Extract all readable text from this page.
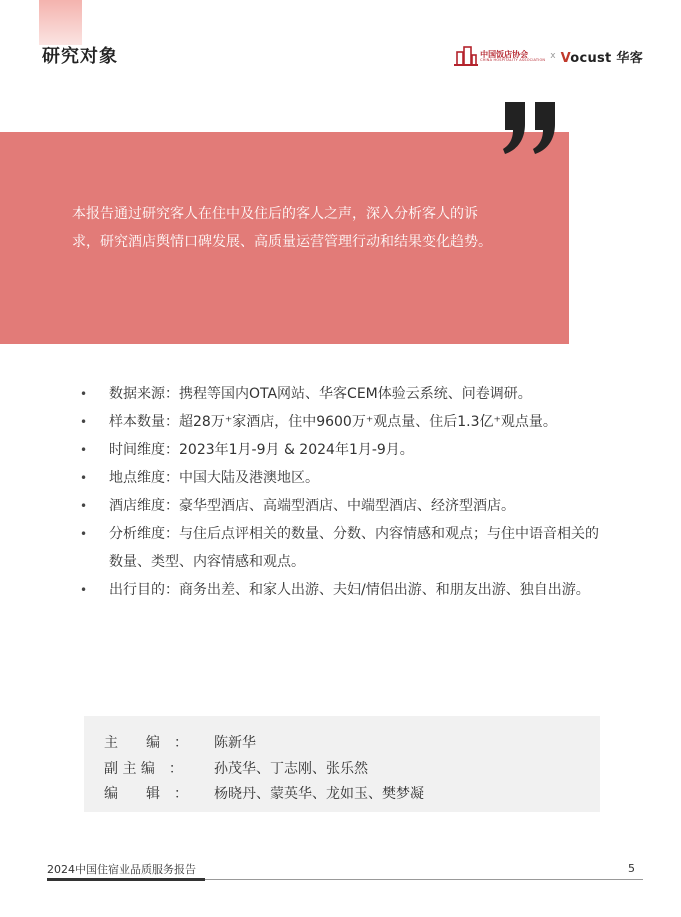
研究对象	中国饭店协会
CHINA HOSPITALITY ASSOCIATION x Vocust 华客
本报告通过研究客人在住中及住后的客人之声，深入分析客人的诉求，研究酒店舆情口碑发展、高质量运营管理行动和结果变化趋势。
• 数据来源：携程等国内OTA网站、华客CEM体验云系统、问卷调研。
• 样本数量：超28万⁺家酒店，住中9600万⁺观点量、住后1.3亿⁺观点量。
• 时间维度：2023年1月-9月 & 2024年1月-9月。
• 地点维度：中国大陆及港澳地区。
• 酒店维度：豪华型酒店、高端型酒店、中端型酒店、经济型酒店。
• 分析维度：与住后点评相关的数量、分数、内容情感和观点；与住中语音相关的数量、类型、内容情感和观点。
• 出行目的：商务出差、和家人出游、夫妇/情侣出游、和朋友出游、独自出游。
主　　编　：	陈新华
副 主 编　：	孙茂华、丁志刚、张乐然
编　　辑　：	杨晓丹、蒙英华、龙如玉、樊梦凝
2024中国住宿业品质服务报告	5
